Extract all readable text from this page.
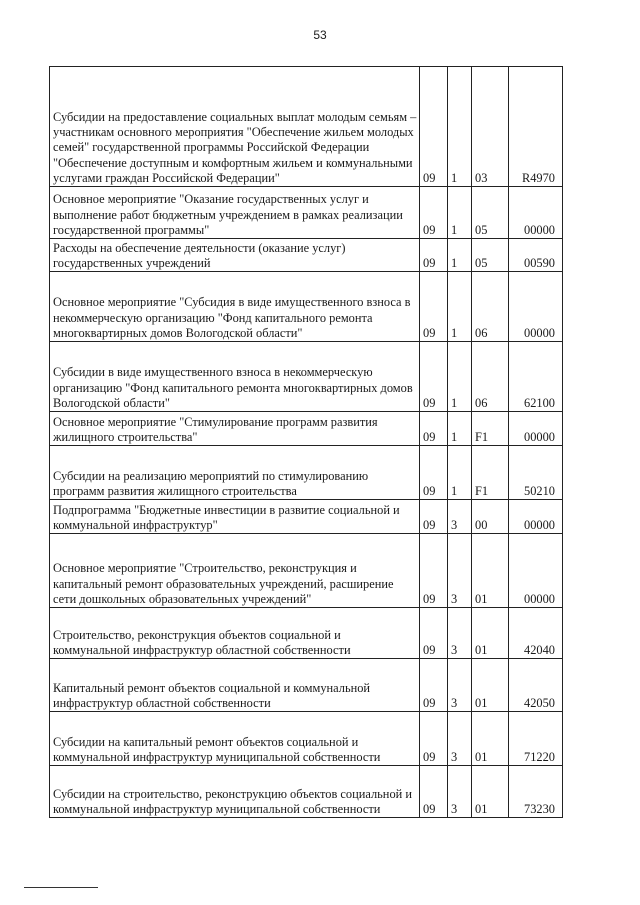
53
Субсидии на предоставление социальных выплат молодым семьям – участникам основного мероприятия "Обеспечение жильем молодых семей" государственной программы Российской Федерации "Обеспечение доступным и комфортным жильем и коммунальными услугами граждан Российской Федерации"	09	1	03	R4970
Основное мероприятие "Оказание государственных услуг и выполнение работ бюджетным учреждением в рамках реализации государственной программы"	09	1	05	00000
Расходы на обеспечение деятельности (оказание услуг) государственных учреждений	09	1	05	00590
Основное мероприятие "Субсидия в виде имущественного взноса в некоммерческую организацию "Фонд капитального ремонта многоквартирных домов Вологодской области"	09	1	06	00000
Субсидии в виде имущественного взноса в некоммерческую организацию "Фонд капитального ремонта многоквартирных домов Вологодской области"	09	1	06	62100
Основное мероприятие "Стимулирование программ развития жилищного строительства"	09	1	F1	00000
Субсидии на реализацию мероприятий по стимулированию программ развития жилищного строительства	09	1	F1	50210
Подпрограмма "Бюджетные инвестиции в развитие социальной и коммунальной инфраструктур"	09	3	00	00000
Основное мероприятие "Строительство, реконструкция и капитальный ремонт образовательных учреждений, расширение сети дошкольных образовательных учреждений"	09	3	01	00000
Строительство, реконструкция объектов социальной и коммунальной инфраструктур областной собственности	09	3	01	42040
Капитальный ремонт объектов социальной и коммунальной инфраструктур областной собственности	09	3	01	42050
Субсидии на капитальный ремонт объектов социальной и коммунальной инфраструктур муниципальной собственности	09	3	01	71220
Субсидии на строительство, реконструкцию объектов социальной и коммунальной инфраструктур муниципальной собственности	09	3	01	73230
